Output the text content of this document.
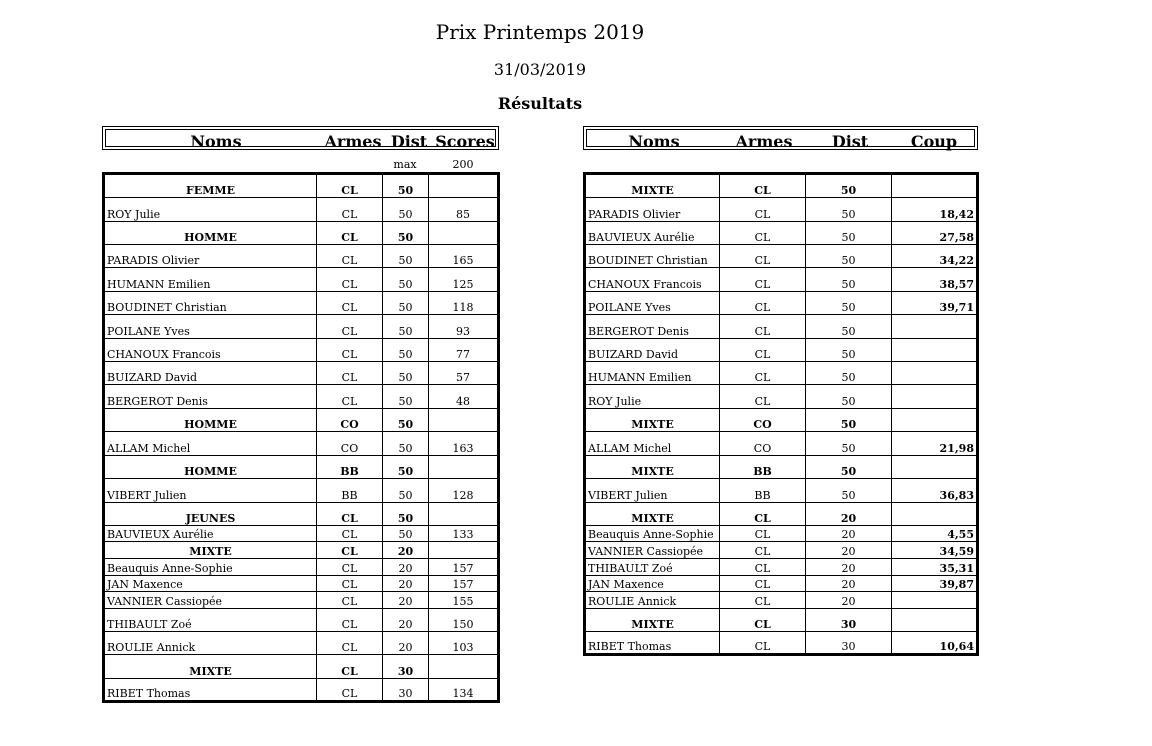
Prix Printemps 2019
31/03/2019
Résultats
Noms	Armes Dist Scores
max	200
Noms	Armes	Dist	Coup
FEMME	CL	50	
ROY Julie	CL	50	85
HOMME	CL	50	
PARADIS Olivier	CL	50	165
HUMANN Emilien	CL	50	125
BOUDINET Christian	CL	50	118
POILANE Yves	CL	50	93
CHANOUX Francois	CL	50	77
BUIZARD David	CL	50	57
BERGEROT Denis	CL	50	48
HOMME	CO	50	
ALLAM Michel	CO	50	163
HOMME	BB	50	
VIBERT Julien	BB	50	128
JEUNES	CL	50	
BAUVIEUX Aurélie	CL	50	133
MIXTE	CL	20	
Beauquis Anne-Sophie	CL	20	157
JAN Maxence	CL	20	157
VANNIER Cassiopée	CL	20	155
THIBAULT Zoé	CL	20	150
ROULIE Annick	CL	20	103
MIXTE	CL	30	
RIBET Thomas	CL	30	134
MIXTE	CL	50	
PARADIS Olivier	CL	50	18,42
BAUVIEUX Aurélie	CL	50	27,58
BOUDINET Christian	CL	50	34,22
CHANOUX Francois	CL	50	38,57
POILANE Yves	CL	50	39,71
BERGEROT Denis	CL	50	
BUIZARD David	CL	50	
HUMANN Emilien	CL	50	
ROY Julie	CL	50	
MIXTE	CO	50	
ALLAM Michel	CO	50	21,98
MIXTE	BB	50	
VIBERT Julien	BB	50	36,83
MIXTE	CL	20	
Beauquis Anne-Sophie	CL	20	4,55
VANNIER Cassiopée	CL	20	34,59
THIBAULT Zoé	CL	20	35,31
JAN Maxence	CL	20	39,87
ROULIE Annick	CL	20	
MIXTE	CL	30	
RIBET Thomas	CL	30	10,64
